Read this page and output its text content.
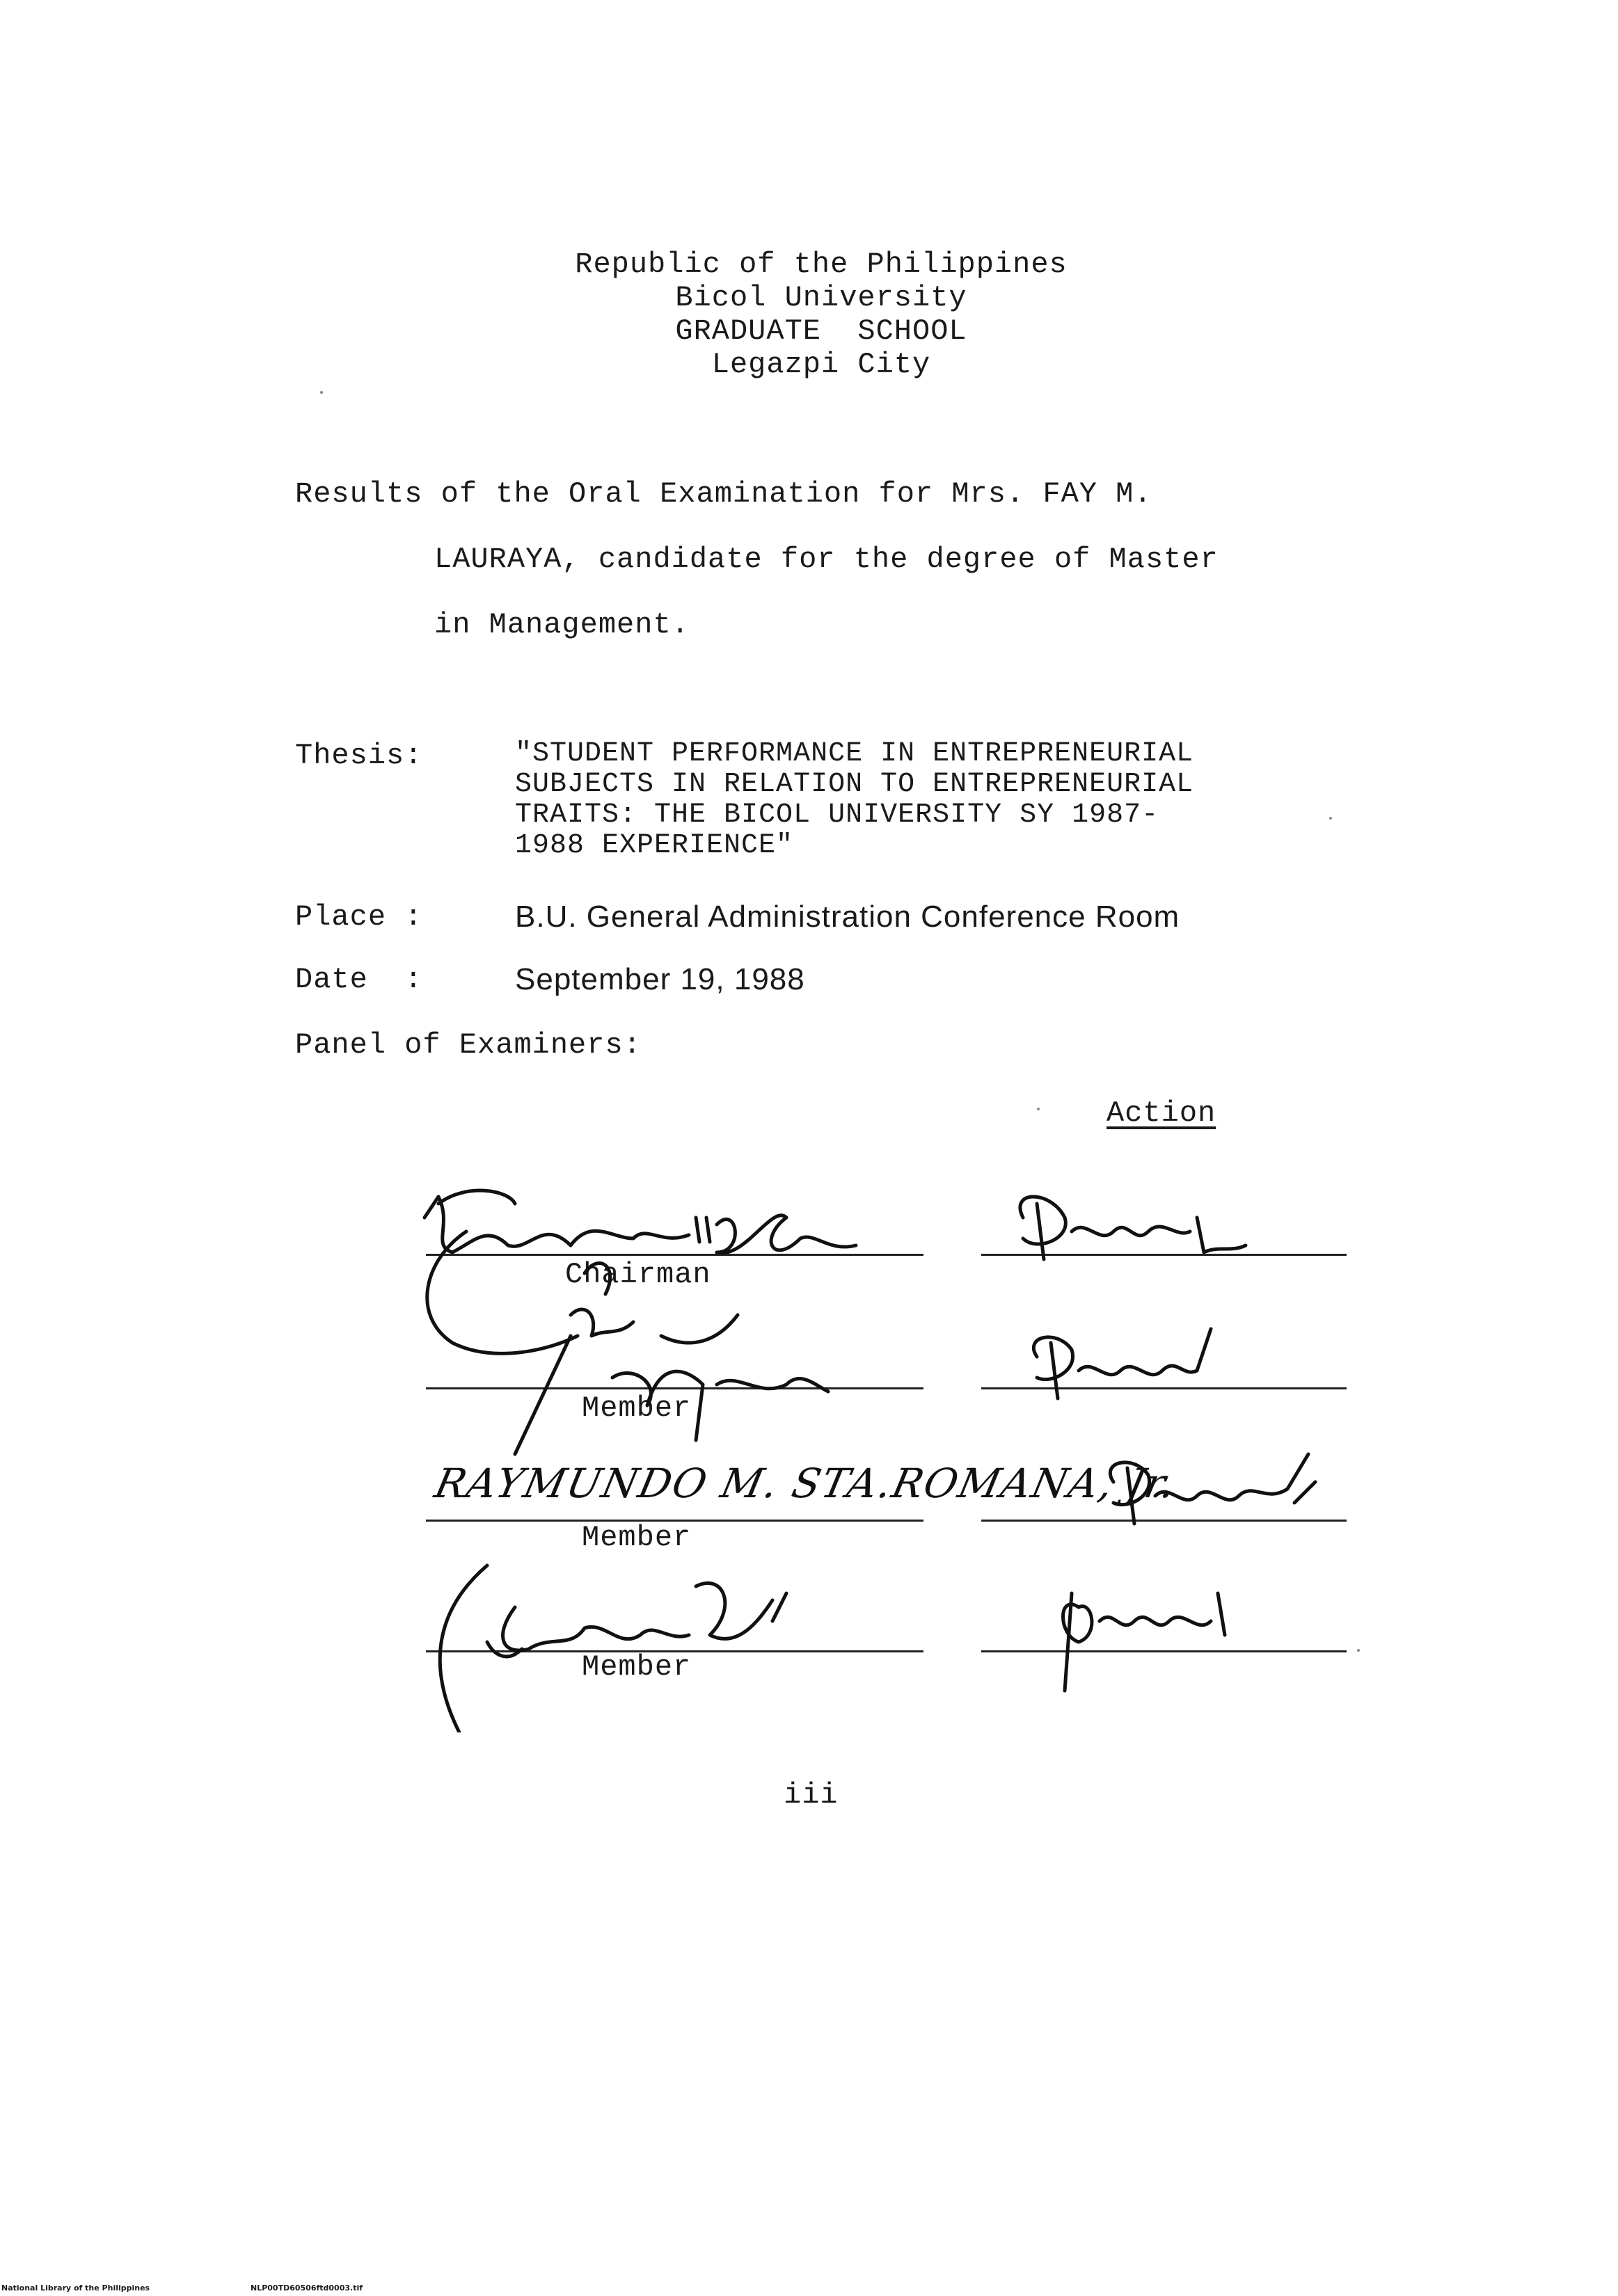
Republic of the Philippines
Bicol University
GRADUATE  SCHOOL
Legazpi City
Results of the Oral Examination for Mrs. FAY M.
LAURAYA, candidate for the degree of Master
in Management.
Thesis:	"STUDENT PERFORMANCE IN ENTREPRENEURIAL
SUBJECTS IN RELATION TO ENTREPRENEURIAL
TRAITS: THE BICOL UNIVERSITY SY 1987-
1988 EXPERIENCE"
Place :	B.U. General Administration Conference Room
Date  :	September 19, 1988
Panel of Examiners:
Action
Chairman
Member
Member
Member
RAYMUNDO M. STA.ROMANA, Jr.
iii
National Library of the Philippines	NLP00TD60506ftd0003.tif
